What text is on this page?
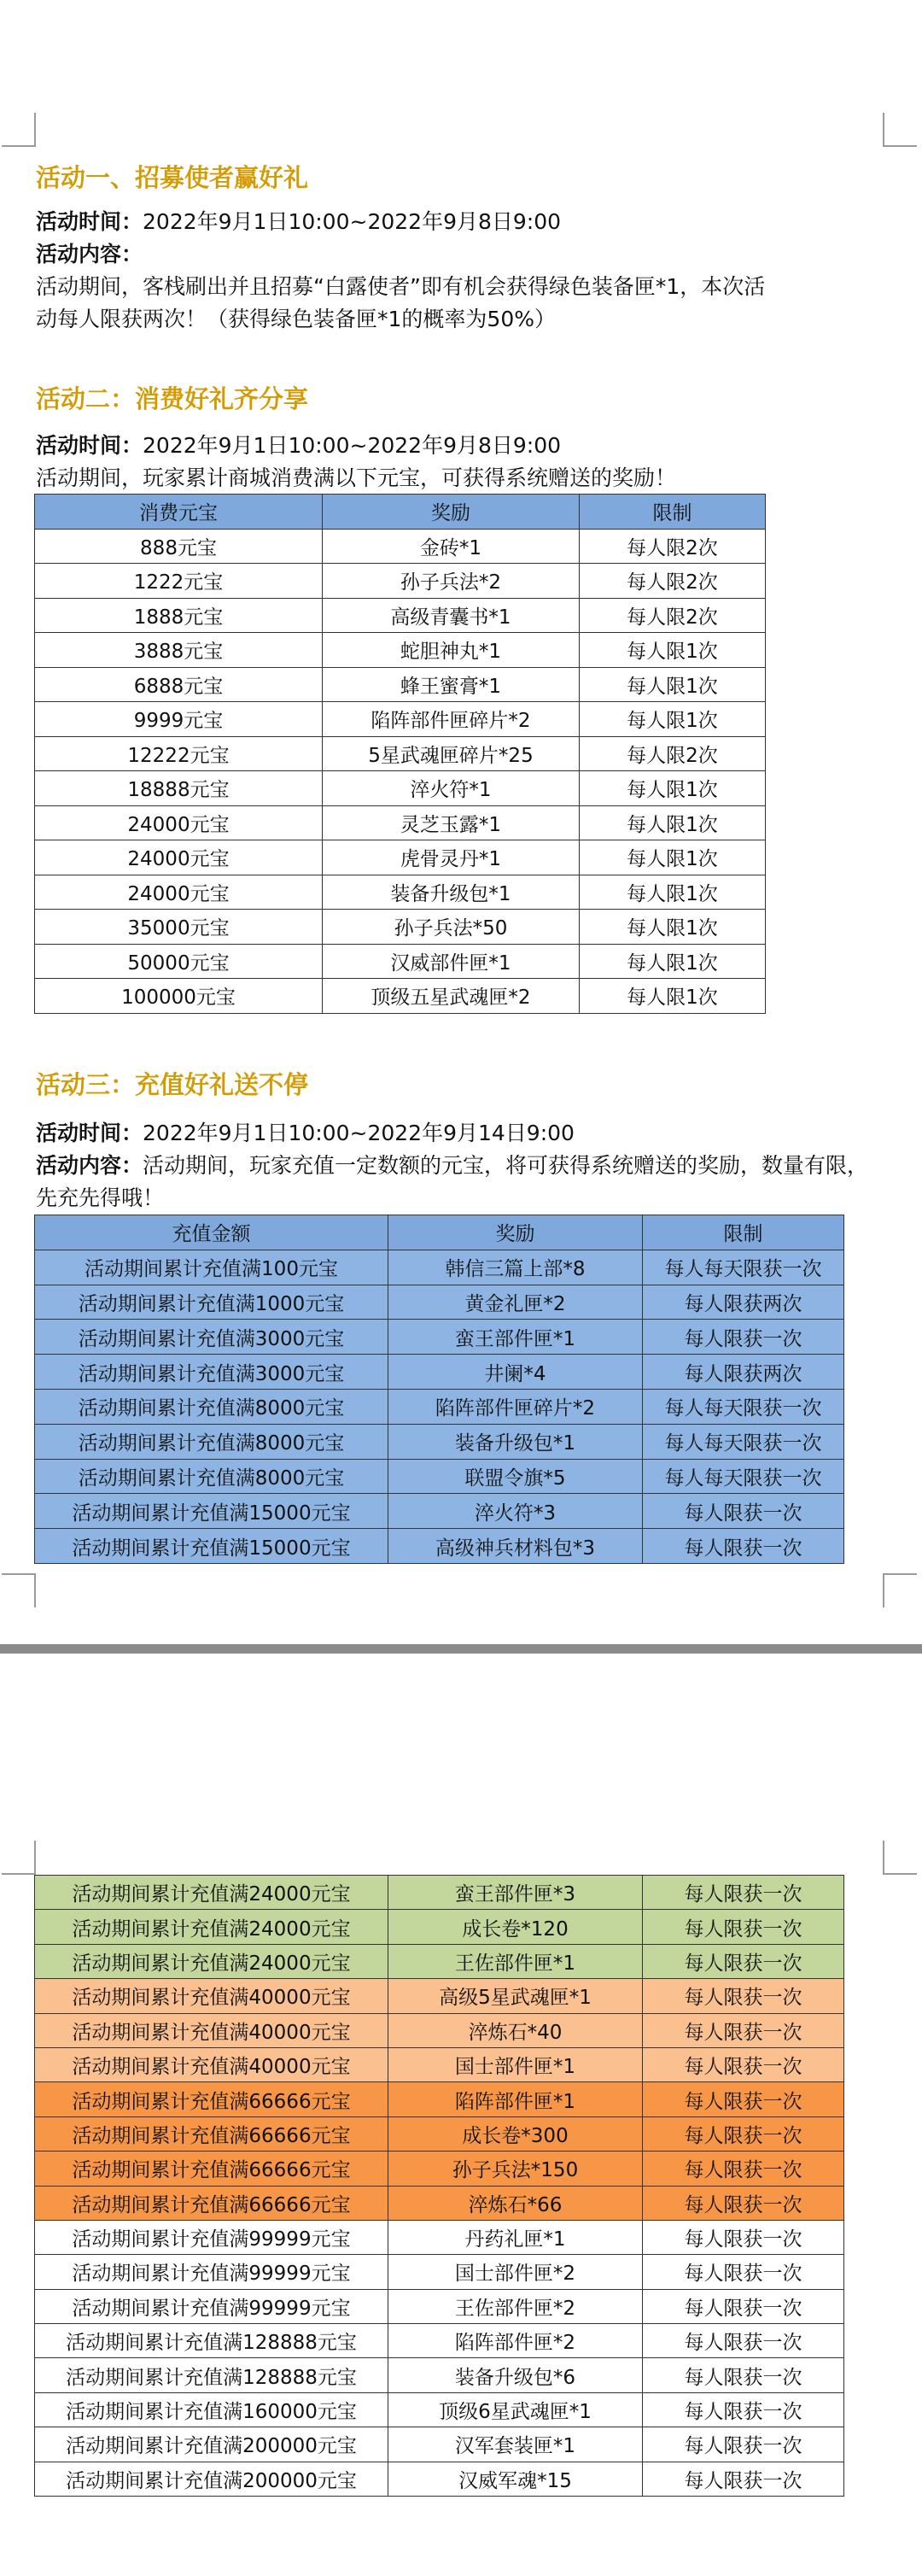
活动一、招募使者赢好礼

活动时间：2022年9月1日10:00~2022年9月8日9:00

活动内容：

活动期间，客栈刷出并且招募“白露使者”即有机会获得绿色装备匣*1，本次活

动每人限获两次！（获得绿色装备匣*1的概率为50%）

活动二：消费好礼齐分享

活动时间：2022年9月1日10:00~2022年9月8日9:00

活动期间，玩家累计商城消费满以下元宝，可获得系统赠送的奖励！

消费元宝	奖励	限制
888元宝	金砖*1	每人限2次
1222元宝	孙子兵法*2	每人限2次
1888元宝	高级青囊书*1	每人限2次
3888元宝	蛇胆神丸*1	每人限1次
6888元宝	蜂王蜜膏*1	每人限1次
9999元宝	陷阵部件匣碎片*2	每人限1次
12222元宝	5星武魂匣碎片*25	每人限2次
18888元宝	淬火符*1	每人限1次
24000元宝	灵芝玉露*1	每人限1次
24000元宝	虎骨灵丹*1	每人限1次
24000元宝	装备升级包*1	每人限1次
35000元宝	孙子兵法*50	每人限1次
50000元宝	汉威部件匣*1	每人限1次
100000元宝	顶级五星武魂匣*2	每人限1次

活动三：充值好礼送不停

活动时间：2022年9月1日10:00~2022年9月14日9:00

活动内容：活动期间，玩家充值一定数额的元宝，将可获得系统赠送的奖励，数量有限，

先充先得哦！

充值金额	奖励	限制
活动期间累计充值满100元宝	韩信三篇上部*8	每人每天限获一次
活动期间累计充值满1000元宝	黄金礼匣*2	每人限获两次
活动期间累计充值满3000元宝	蛮王部件匣*1	每人限获一次
活动期间累计充值满3000元宝	井阑*4	每人限获两次
活动期间累计充值满8000元宝	陷阵部件匣碎片*2	每人每天限获一次
活动期间累计充值满8000元宝	装备升级包*1	每人每天限获一次
活动期间累计充值满8000元宝	联盟令旗*5	每人每天限获一次
活动期间累计充值满15000元宝	淬火符*3	每人限获一次
活动期间累计充值满15000元宝	高级神兵材料包*3	每人限获一次
活动期间累计充值满24000元宝	蛮王部件匣*3	每人限获一次
活动期间累计充值满24000元宝	成长卷*120	每人限获一次
活动期间累计充值满24000元宝	王佐部件匣*1	每人限获一次
活动期间累计充值满40000元宝	高级5星武魂匣*1	每人限获一次
活动期间累计充值满40000元宝	淬炼石*40	每人限获一次
活动期间累计充值满40000元宝	国士部件匣*1	每人限获一次
活动期间累计充值满66666元宝	陷阵部件匣*1	每人限获一次
活动期间累计充值满66666元宝	成长卷*300	每人限获一次
活动期间累计充值满66666元宝	孙子兵法*150	每人限获一次
活动期间累计充值满66666元宝	淬炼石*66	每人限获一次
活动期间累计充值满99999元宝	丹药礼匣*1	每人限获一次
活动期间累计充值满99999元宝	国士部件匣*2	每人限获一次
活动期间累计充值满99999元宝	王佐部件匣*2	每人限获一次
活动期间累计充值满128888元宝	陷阵部件匣*2	每人限获一次
活动期间累计充值满128888元宝	装备升级包*6	每人限获一次
活动期间累计充值满160000元宝	顶级6星武魂匣*1	每人限获一次
活动期间累计充值满200000元宝	汉军套装匣*1	每人限获一次
活动期间累计充值满200000元宝	汉威军魂*15	每人限获一次
